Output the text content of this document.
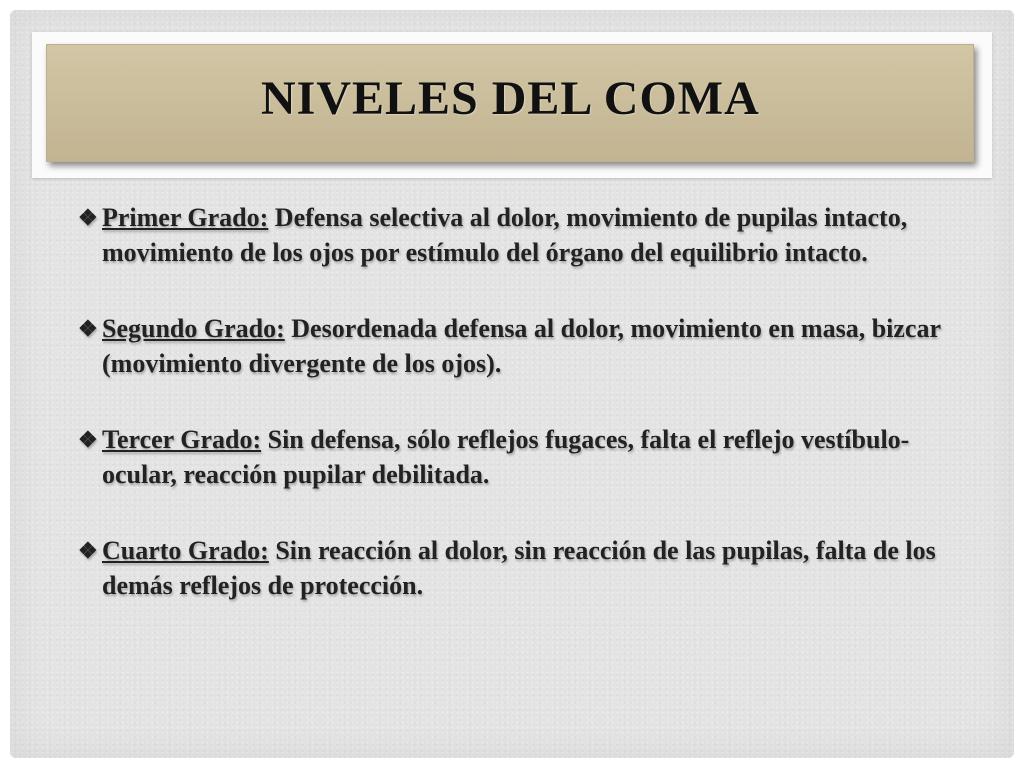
NIVELES DEL COMA
❖ Primer Grado: Defensa selectiva al dolor, movimiento de pupilas intacto, movimiento de los ojos por estímulo del órgano del equilibrio intacto.
❖ Segundo Grado: Desordenada defensa al dolor, movimiento en masa, bizcar (movimiento divergente de los ojos).
❖ Tercer Grado: Sin defensa, sólo reflejos fugaces, falta el reflejo vestíbulo-ocular, reacción pupilar debilitada.
❖ Cuarto Grado: Sin reacción al dolor, sin reacción de las pupilas, falta de los demás reflejos de protección.
